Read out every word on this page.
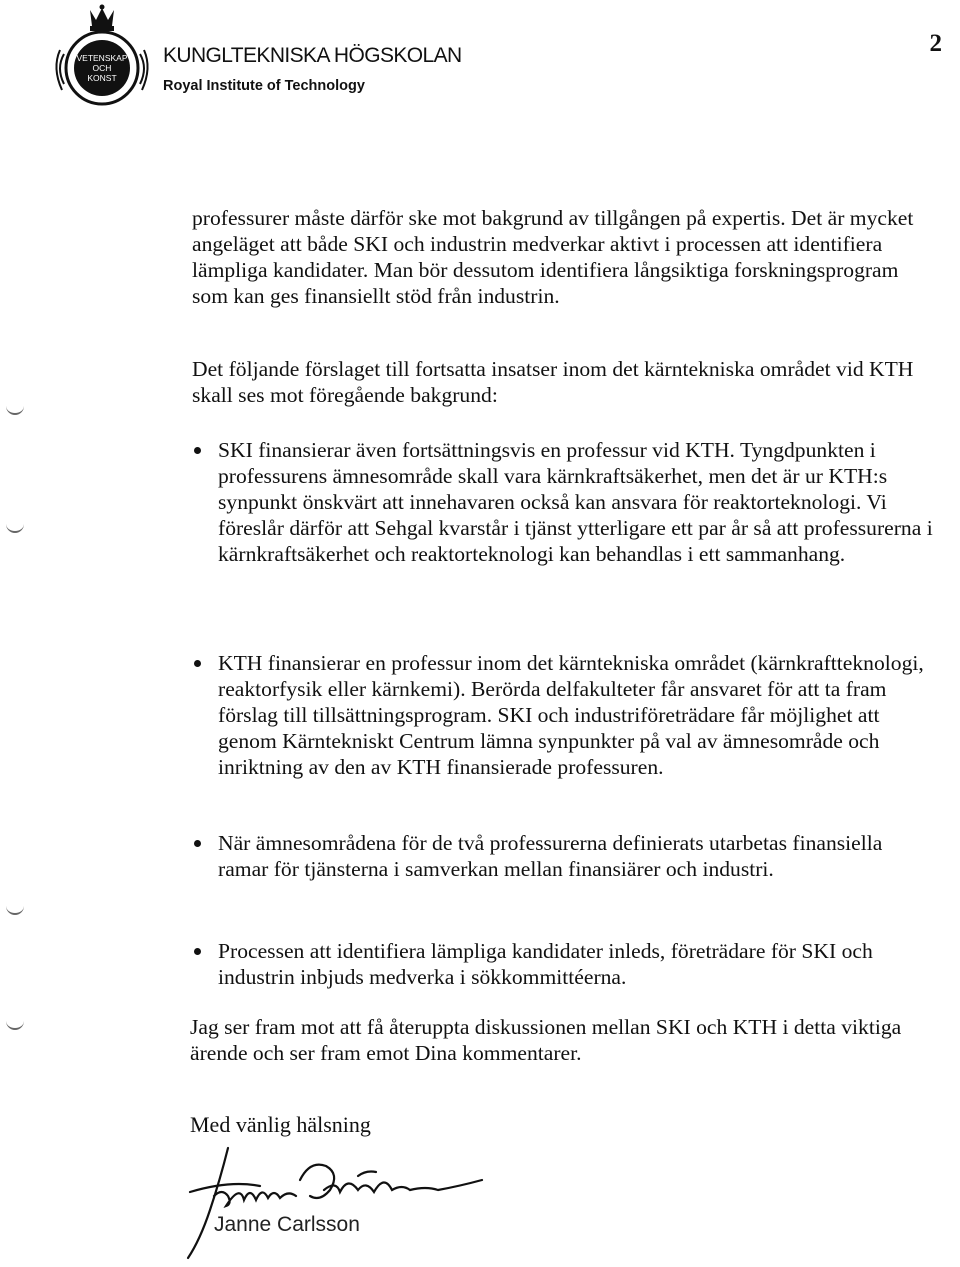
VETENSKAP
OCH
KONST
KUNGLTEKNISKA HÖGSKOLAN
Royal Institute of Technology
2

professurer måste därför ske mot bakgrund av tillgången på expertis. Det är mycket angeläget att både SKI och industrin medverkar aktivt i processen att identifiera lämpliga kandidater. Man bör dessutom identifiera långsiktiga forskningsprogram som kan ges finansiellt stöd från industrin.

Det följande förslaget till fortsatta insatser inom det kärntekniska området vid KTH skall ses mot föregående bakgrund:

SKI finansierar även fortsättningsvis en professur vid KTH. Tyngdpunkten i professurens ämnesområde skall vara kärnkraftsäkerhet, men det är ur KTH:s synpunkt önskvärt att innehavaren också kan ansvara för reaktorteknologi. Vi föreslår därför att Sehgal kvarstår i tjänst ytterligare ett par år så att professurerna i kärnkraftsäkerhet och reaktorteknologi kan behandlas i ett sammanhang.
KTH finansierar en professur inom det kärntekniska området (kärnkraftteknologi, reaktorfysik eller kärnkemi). Berörda delfakulteter får ansvaret för att ta fram förslag till tillsättningsprogram. SKI och industriföreträdare får möjlighet att genom Kärntekniskt Centrum lämna synpunkter på val av ämnesområde och inriktning av den av KTH finansierade professuren.
När ämnesområdena för de två professurerna definierats utarbetas finansiella ramar för tjänsterna i samverkan mellan finansiärer och industri.
Processen att identifiera lämpliga kandidater inleds, företrädare för SKI och industrin inbjuds medverka i sökkommittéerna.

Jag ser fram mot att få återuppta diskussionen mellan SKI och KTH i detta viktiga ärende och ser fram emot Dina kommentarer.

Med vänlig hälsning
Janne Carlsson
